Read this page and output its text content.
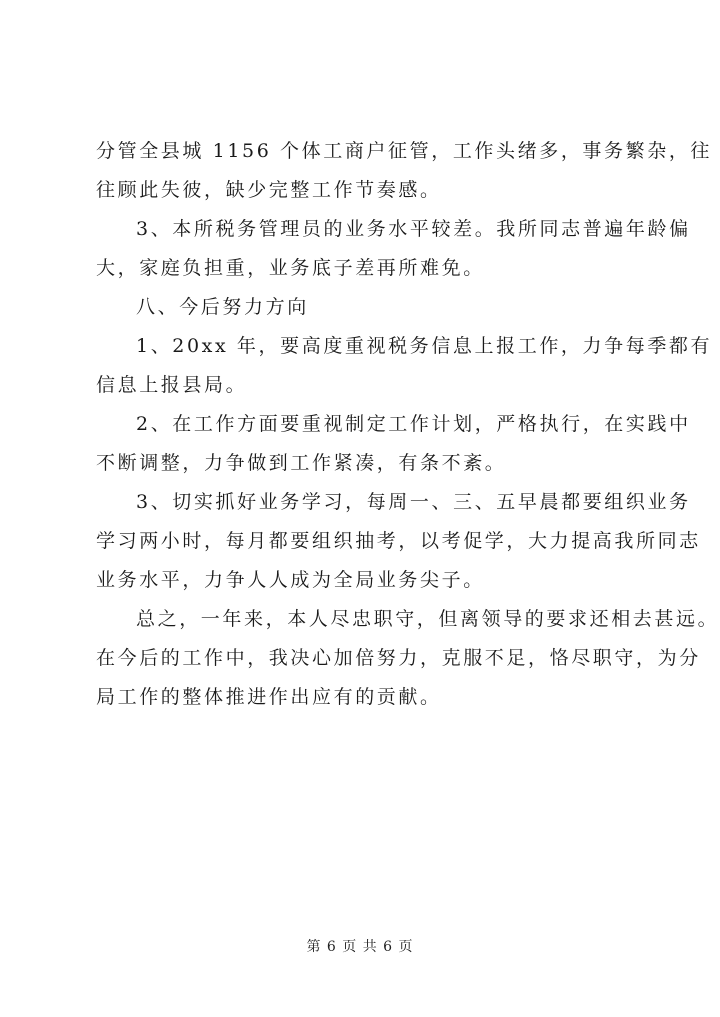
分管全县城 1156 个体工商户征管，工作头绪多，事务繁杂，往
往顾此失彼，缺少完整工作节奏感。
3、本所税务管理员的业务水平较差。我所同志普遍年龄偏
大，家庭负担重，业务底子差再所难免。
八、今后努力方向
1、20xx 年，要高度重视税务信息上报工作，力争每季都有
信息上报县局。
2、在工作方面要重视制定工作计划，严格执行，在实践中
不断调整，力争做到工作紧凑，有条不紊。
3、切实抓好业务学习，每周一、三、五早晨都要组织业务
学习两小时，每月都要组织抽考，以考促学，大力提高我所同志
业务水平，力争人人成为全局业务尖子。
总之，一年来，本人尽忠职守，但离领导的要求还相去甚远。
在今后的工作中，我决心加倍努力，克服不足，恪尽职守，为分
局工作的整体推进作出应有的贡献。
第 6 页 共 6 页
